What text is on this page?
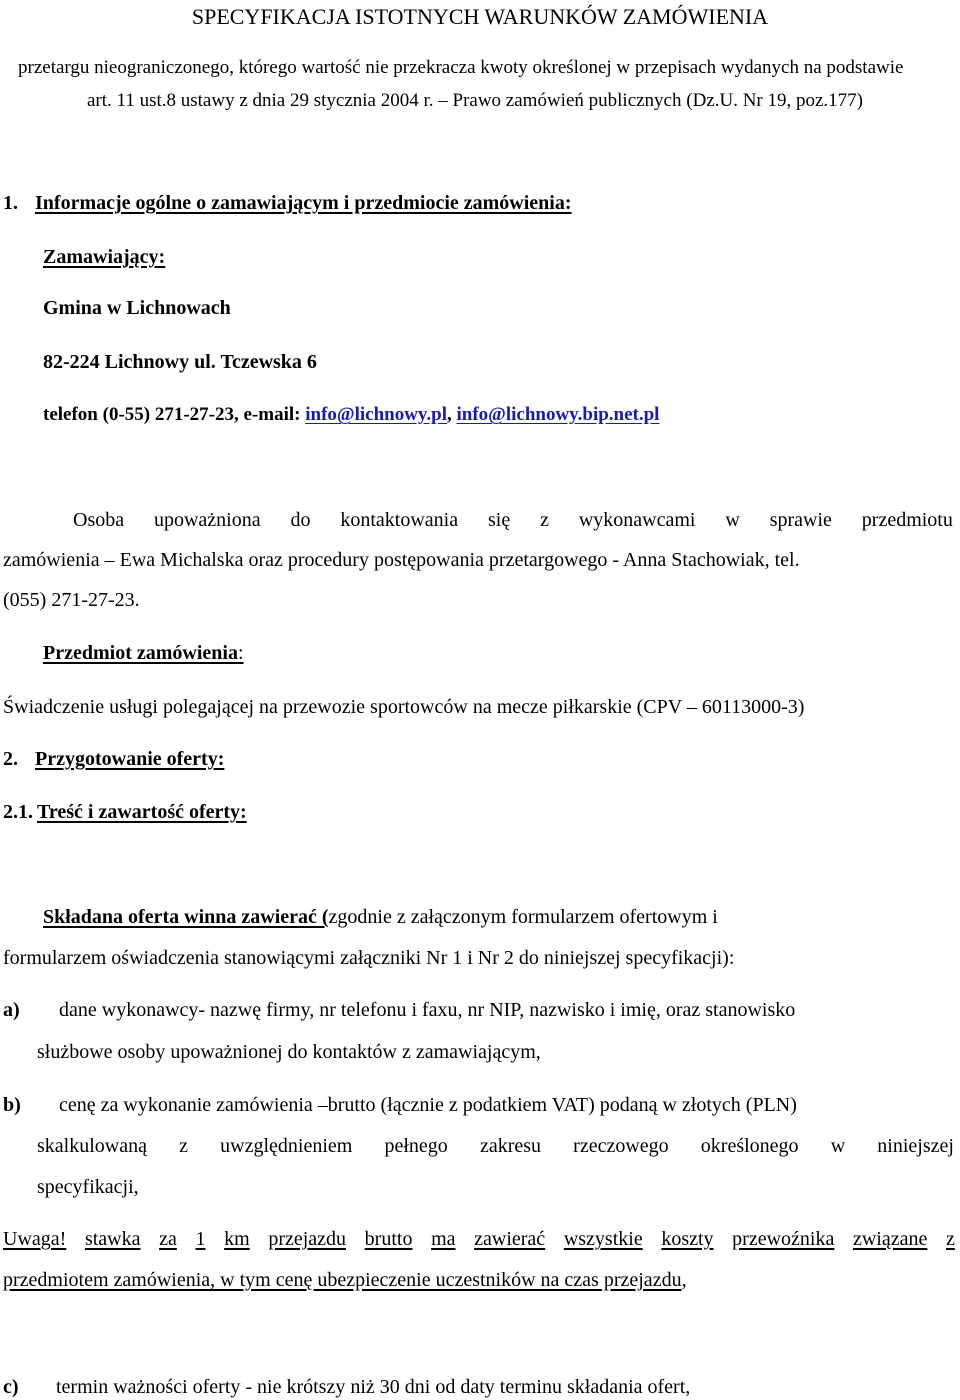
SPECYFIKACJA ISTOTNYCH WARUNKÓW ZAMÓWIENIA
przetargu nieograniczonego, którego wartość nie przekracza kwoty określonej w przepisach wydanych na podstawie
art. 11 ust.8 ustawy z dnia 29 stycznia 2004 r. – Prawo zamówień publicznych (Dz.U. Nr 19, poz.177)
1. Informacje ogólne o zamawiającym i przedmiocie zamówienia:
Zamawiający:
Gmina w Lichnowach
82-224 Lichnowy ul. Tczewska 6
telefon (0-55) 271-27-23, e-mail: info@lichnowy.pl, info@lichnowy.bip.net.pl
Osoba upoważniona do kontaktowania się z wykonawcami w sprawie przedmiotu
zamówienia – Ewa Michalska oraz procedury postępowania przetargowego - Anna Stachowiak, tel.
(055) 271-27-23.
Przedmiot zamówienia:
Świadczenie usługi polegającej na przewozie sportowców na mecze piłkarskie (CPV – 60113000-3)
2. Przygotowanie oferty:
2.1. Treść i zawartość oferty:
Składana oferta winna zawierać (zgodnie z załączonym formularzem ofertowym i
formularzem oświadczenia stanowiącymi załączniki Nr 1 i Nr 2 do niniejszej specyfikacji):
a) dane wykonawcy- nazwę firmy, nr telefonu i faxu, nr NIP, nazwisko i imię, oraz stanowisko
służbowe osoby upoważnionej do kontaktów z zamawiającym,
b) cenę za wykonanie zamówienia –brutto (łącznie z podatkiem VAT) podaną w złotych (PLN)
skalkulowaną z uwzględnieniem pełnego zakresu rzeczowego określonego w niniejszej
specyfikacji,
Uwaga! stawka za 1 km przejazdu brutto ma zawierać wszystkie koszty przewoźnika związane z
przedmiotem zamówienia, w tym cenę ubezpieczenie uczestników na czas przejazdu,
c) termin ważności oferty - nie krótszy niż 30 dni od daty terminu składania ofert,
